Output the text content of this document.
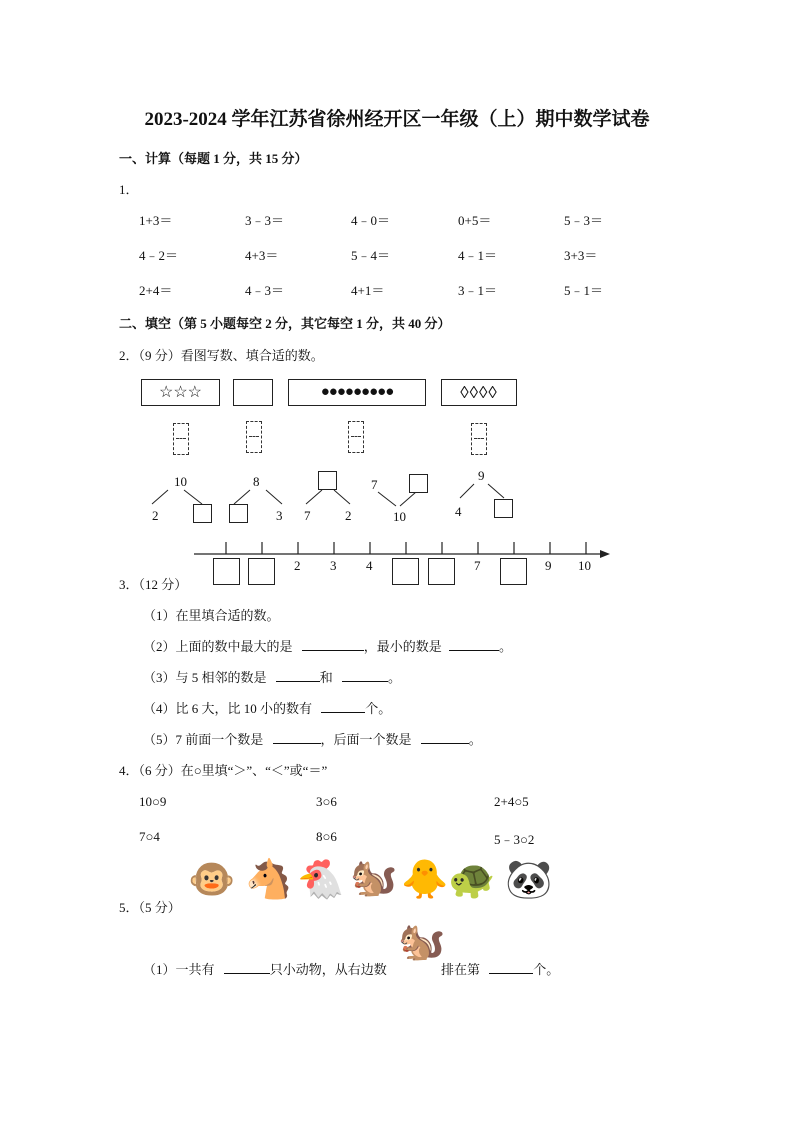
2023-2024 学年江苏省徐州经开区一年级（上）期中数学试卷
一、计算（每题 1 分，共 15 分）
1．
1+3＝	3﹣3＝	4﹣0＝	0+5＝	5﹣3＝
4﹣2＝	4+3＝	5﹣4＝	4﹣1＝	3+3＝
2+4＝	4﹣3＝	4+1＝	3﹣1＝	5﹣1＝
二、填空（第 5 小题每空 2 分，其它每空 1 分，共 40 分）
2．（9 分）看图写数、填合适的数。
☆☆☆	●●●●●●●●●	◊◊◊◊
10
2
8
3 7	2
7
10
9
4
2 3 4	7	9 10
3．（12 分）
（1）在里填合适的数。
（2）上面的数中最大的是	，最小的数是	。
（3）与 5 相邻的数是	和	。
（4）比 6 大，比 10 小的数有	个。
（5）7 前面一个数是	，后面一个数是	。
4．（6 分）在○里填“＞”、“＜”或“＝”
10○9	3○6	2+4○5
7○4	8○6	5﹣3○2
🐵 🐴 🐔 🐿️ 🐥 🐢 🐼
5．（5 分）
（1）一共有	只小动物，从右边数
🐿️
排在第	个。
